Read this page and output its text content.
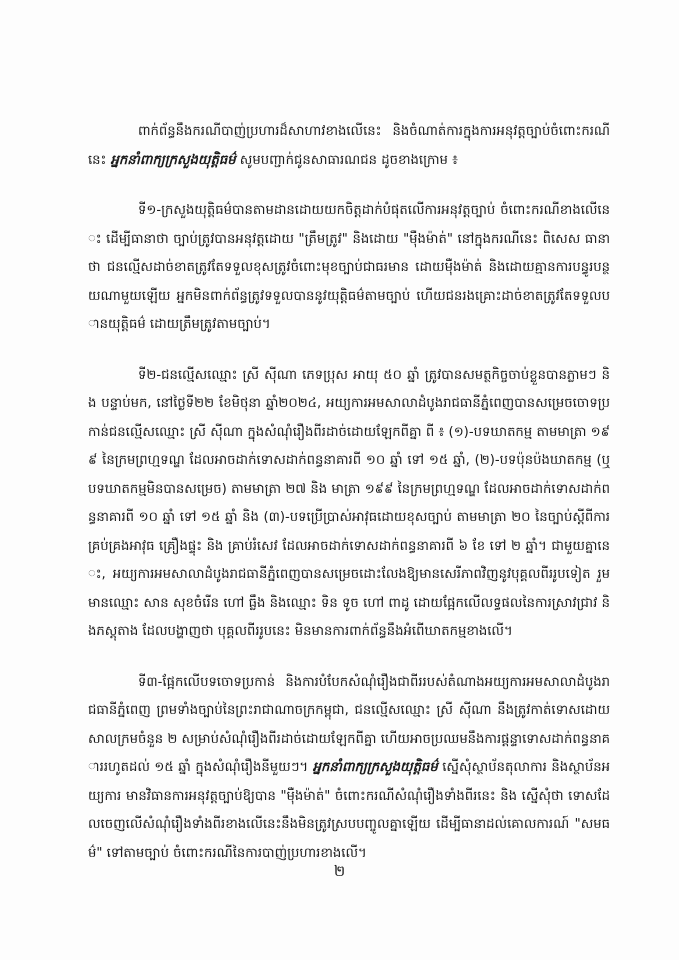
ពាក់ព័ន្ធនឹងករណីបាញ់ប្រហារដ៏សាហាវខាងលើនេះ និងចំណាត់ការក្នុងការអនុវត្តច្បាប់ចំពោះករណីនេះ អ្នកនាំពាក្យក្រសួងយុត្តិធម៌ សូមបញ្ជាក់ជូនសាធារណជន ដូចខាងក្រោម ៖

ទី១-ក្រសួងយុត្តិធម៌បានតាមដានដោយយកចិត្តដាក់បំផុតលើការអនុវត្តច្បាប់ ចំពោះករណីខាងលើនេះ ដើម្បីធានាថា ច្បាប់ត្រូវបានអនុវត្តដោយ "ត្រឹមត្រូវ" និងដោយ "ម៉ឺងម៉ាត់" នៅក្នុងករណីនេះ ពិសេស ធានាថា ជនល្មើសដាច់ខាតត្រូវតែទទួលខុសត្រូវចំពោះមុខច្បាប់ជាធរមាន ដោយម៉ឺងម៉ាត់ និងដោយគ្មានការបន្ធូរបន្ថយណាមួយឡើយ អ្នកមិនពាក់ព័ន្ធត្រូវទទួលបាននូវយុត្តិធម៌តាមច្បាប់ ហើយជនរងគ្រោះដាច់ខាតត្រូវតែទទួលបានយុត្តិធម៌ ដោយត្រឹមត្រូវតាមច្បាប់។

ទី២-ជនល្មើសឈ្មោះ ស្រី ស៊ីណា ភេទប្រុស អាយុ ៥០ ឆ្នាំ ត្រូវបានសមត្ថកិច្ចចាប់ខ្លួនបានភ្លាមៗ និង បន្ទាប់មក, នៅថ្ងៃទី២២ ខែមិថុនា ឆ្នាំ២០២៤, អយ្យការអមសាលាដំបូងរាជធានីភ្នំពេញបានសម្រេចចោទប្រកាន់ជនល្មើសឈ្មោះ ស្រី ស៊ីណា ក្នុងសំណុំរឿងពីរដាច់ដោយឡែកពីគ្នា ពី ៖ (១)-បទឃាតកម្ម តាមមាត្រា ១៩៩ នៃក្រមព្រហ្មទណ្ឌ ដែលអាចដាក់ទោសដាក់ពន្ធនាគារពី ១០ ឆ្នាំ ទៅ ១៥ ឆ្នាំ, (២)-បទប៉ុនប៉ងឃាតកម្ម (ឬបទឃាតកម្មមិនបានសម្រេច) តាមមាត្រា ២៧ និង មាត្រា ១៩៩ នៃក្រមព្រហ្មទណ្ឌ ដែលអាចដាក់ទោសដាក់ពន្ធនាគារពី ១០ ឆ្នាំ ទៅ ១៥ ឆ្នាំ និង (៣)-បទប្រើប្រាស់អាវុធដោយខុសច្បាប់ តាមមាត្រា ២០ នៃច្បាប់ស្តីពីការគ្រប់គ្រងអាវុធ គ្រឿងផ្ទុះ និង គ្រាប់រំសេវ ដែលអាចដាក់ទោសដាក់ពន្ធនាគារពី ៦ ខែ ទៅ ២ ឆ្នាំ។ ជាមួយគ្នានេះ, អយ្យការអមសាលាដំបូងរាជធានីភ្នំពេញបានសម្រេចដោះលែងឱ្យមានសេរីភាពវិញនូវបុគ្គលពីររូបទៀត រួមមានឈ្មោះ សាន សុខចំរើន ហៅ ធ្លឹង និងឈ្មោះ ទិន ទូច ហៅ ពាដូ ដោយផ្អែកលើលទ្ធផលនៃការស្រាវជ្រាវ និងភស្តុតាង ដែលបង្ហាញថា បុគ្គលពីររូបនេះ មិនមានការពាក់ព័ន្ធនឹងអំពើឃាតកម្មខាងលើ។

ទី៣-ផ្អែកលើបទចោទប្រកាន់ និងការបំបែកសំណុំរឿងជាពីររបស់តំណាងអយ្យការអមសាលាដំបូងរាជធានីភ្នំពេញ ព្រមទាំងច្បាប់នៃព្រះរាជាណាចក្រកម្ពុជា, ជនល្មើសឈ្មោះ ស្រី ស៊ីណា នឹងត្រូវកាត់ទោសដោយសាលក្រមចំនួន ២ សម្រាប់សំណុំរឿងពីរដាច់ដោយឡែកពីគ្នា ហើយអាចប្រឈមនឹងការផ្តន្ទាទោសដាក់ពន្ធនាគាររហូតដល់ ១៥ ឆ្នាំ ក្នុងសំណុំរឿងនីមួយៗ។ អ្នកនាំពាក្យក្រសួងយុត្តិធម៌ ស្នើសុំស្ថាប័នតុលាការ និងស្ថាប័នអយ្យការ មានវិធានការអនុវត្តច្បាប់ឱ្យបាន "ម៉ឺងម៉ាត់" ចំពោះករណីសំណុំរឿងទាំងពីរនេះ និង ស្នើសុំថា ទោសដែលចេញលើសំណុំរឿងទាំងពីរខាងលើនេះនឹងមិនត្រូវស្របបញ្ចូលគ្នាឡើយ ដើម្បីធានាដល់គោលការណ៍ "សមធម៌" ទៅតាមច្បាប់ ចំពោះករណីនៃការបាញ់ប្រហារខាងលើ។

២
